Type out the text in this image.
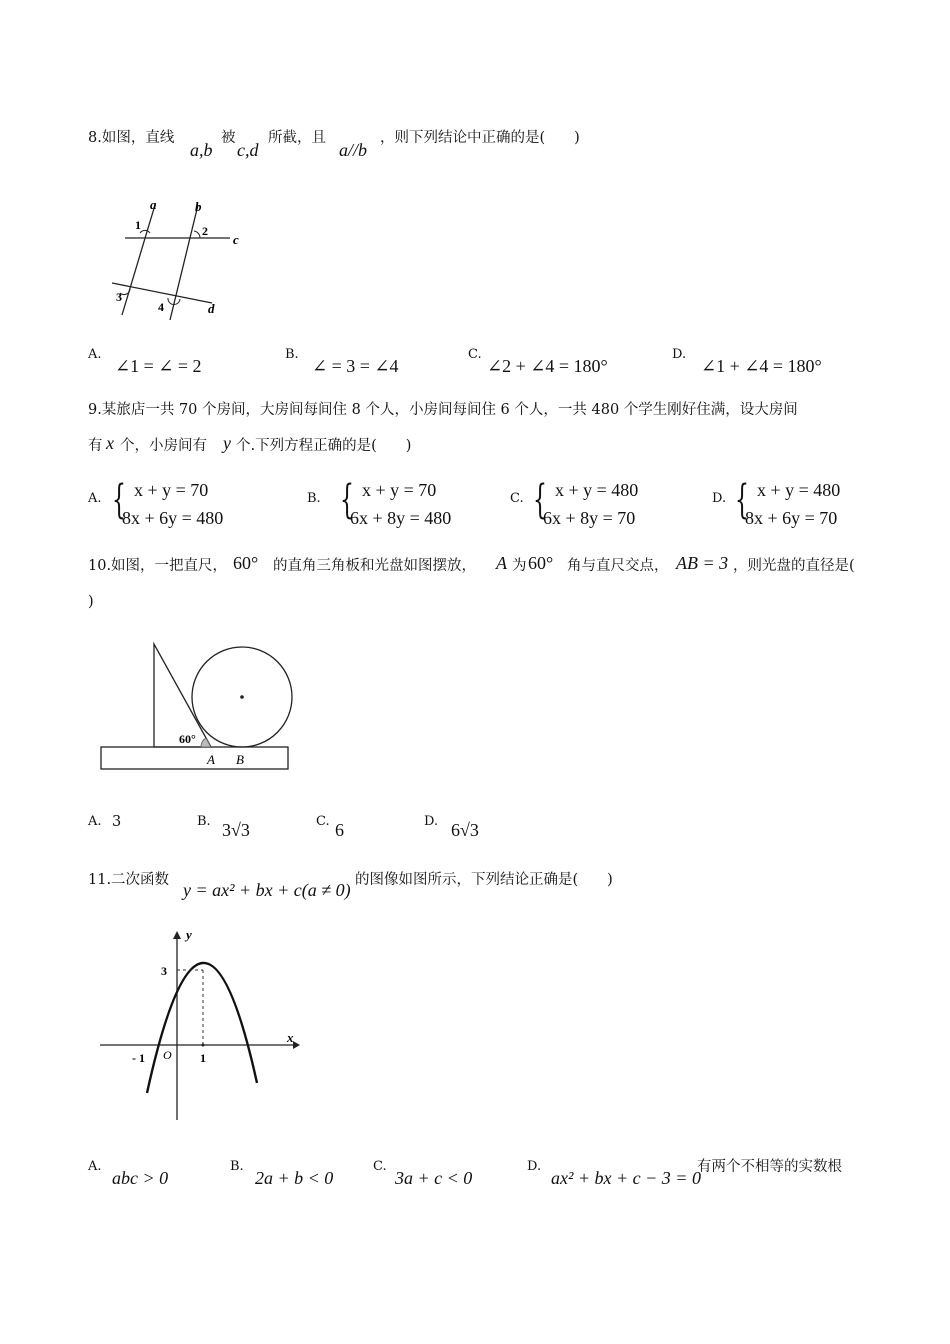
8.如图，直线
a,b
被
c,d
所截，且
a//b
，则下列结论中正确的是(　　)
a	b
c
d
1	2
3
4
A.
∠1 = ∠ = 2
B.
∠ = 3 = ∠4
C.
∠2 + ∠4 = 180°
D.
∠1 + ∠4 = 180°
9.某旅店一共 70 个房间，大房间每间住 8 个人，小房间每间住 6 个人，一共 480 个学生刚好住满，设大房间
有 x 个，小房间有 y 个.下列方程正确的是(　　)
A. { x + y = 70
8x + 6y = 480
B. { x + y = 70
6x + 8y = 480
C. { x + y = 480
6x + 8y = 70
D. { x + y = 480
8x + 6y = 70
10.如图，一把直尺， 60° 的直角三角板和光盘如图摆放， A 为 60° 角与直尺交点， AB = 3 ，则光盘的直径是(
)
60°
A B
A. 3	B. 3√3	C. 6	D. 6√3
11.二次函数 y = ax² + bx + c(a ≠ 0) 的图像如图所示，下列结论正确是(　　)
y
x
3
1
- 1 O
A.
abc > 0
B.
2a + b < 0
C.
3a + c < 0
D.
ax² + bx + c − 3 = 0
有两个不相等的实数根
